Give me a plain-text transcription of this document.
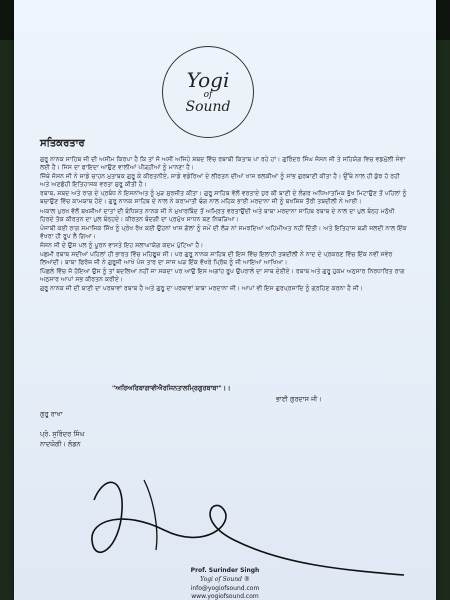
Yogi
of
Sound
ਸਤਿਕਰਤਾਰ

ਗੁਰੂ ਨਾਨਕ ਸਾਹਿਬ ਜੀ ਦੀ ਅਸੀਮ ਕਿਰਪਾ ਹੈ ਕਿ ਤਾਂ ਜੋ ਅਸੀਂ ਅਜਿਹੇ ਸ਼ਬਦ ਵਿੱਚ ਰਬਾਬੀ ਕਿਤਾਬ ਪਾ ਰਹੇ ਹਾਂ। ਗੁਰਿੰਦਰ ਸਿੰਘ ਜੋਸਨ ਜੀ ਤੇ ਸਹਿਯੋਗ ਵਿਚ ਵਡਮੁੱਲੀ ਸੇਵਾ ਲਈ ਹੈ। ਜਿਸ ਦਾ ਫਾਇਦਾ ਆਉਣ ਵਾਲੀਆਂ ਪੀੜ੍ਹੀਆਂ ਨੂੰ ਮਾਨਣਾ ਹੈ।

ਜਿੱਥੇ ਜੋਸਨ ਜੀ ਨੇ ਸਾਡੇ ਚਾਹਨ ਮੁਤਾਬਕ ਗੁਰੂ ਕੇ ਕੀਰਤਨੀਏ, ਸਾਡੇ ਵਡੇਰਿਆਂ ਦੇ ਲੀਰਤਨ ਦੀਆਂ ਖਾਸ ਝਲਕੀਆਂ ਨੂੰ ਸਾਂਭ ਗੁਰਬਾਣੀ ਕੀਤਾ ਹੈ। ਉੱਥੇ ਨਾਲ ਹੀ ਕੁੱਝ ਹੋ ਰਹੀ ਅਤੇ ਅਣਛੋਹੀ ਇਤਿਹਾਸਕ ਵਰਤਾ ਸ਼ੁਰੂ ਕੀਤੀ ਹੈ।

ਰਬਾਬ, ਸ਼ਬਦ ਅਤੇ ਰਾਗ ਦੇ ਪ੍ਰਬੰਧ ਨੇ ਇਸਨਾਂਅਤ ਨੂੰ ਮੁੜ ਸੁਰਜੀਤ ਕੀਤਾ। ਗੁਰੂ ਸਾਹਿਬ ਵੱਲੋਂ ਵਰਤਾਏ ਧੁਰ ਕੀ ਬਾਣੀ ਦੇ ਲੰਗਰ ਅਧਿਆਤਮਿਕ ਭੁੱਖ ਮਿਟਾਉਣ ਤੋਂ ਪਹਿਲਾਂ ਨੂੰ ਬਚਾਉਣ ਵਿੱਚ ਕਾਮਯਾਬ ਹੋਏ। ਗੁਰੂ ਨਾਨਕ ਸਾਹਿਬ ਦੇ ਨਾਲ ਨੇ ਕਰਾਮਾਤੀ ਢੰਗ ਨਾਲ ਮਹਿਕ ਭਾਈ ਮਰਦਾਨਾ ਜੀ ਨੂੰ ਬਖਸ਼ਿਸ਼ ਤੌਰੀ ਤਬਦੀਲੀ ਨੇ ਆਈ।

ਅਕਾਲ ਪੁਰਖ ਵੱਲੋਂ ਬਖਸ਼ੀਆਂ ਦਾਤਾਂ ਦੀ ਬੰਧਿਸ਼ਤ ਨਾਨਕ ਜੀ ਨੇ ਮੁਖਾਰਬਿੰਦ ਤੋਂ ਅਮ੍ਰਿਤ ਵਰਤਾਉਂਦੀ ਅਤੇ ਬਾਬਾ ਮਰਦਾਨਾ ਸਾਹਿਬ ਰਬਾਬ ਦੇ ਨਾਲ ਦਾ ਪੁਲ ਬੰਨ੍ਹ ਮਨੁੱਖੀ ਹਿਰਦੇ ਤੱਕ ਕੀਰਤਨ ਦਾ ਪੁਲ ਬੰਨ੍ਹਦੇ। ਕੀਰਤਨ ਬੰਦਗੀ ਦਾ ਪ੍ਰਮੁੱਖ ਸਾਧਨ ਬਣ ਨਿਬੜਿਆ।

ਪੰਜਾਬੀ ਕਈ ਰਾਗ ਸਮਾਜਿਕ ਸਿੱਖ ਨੂੰ ਪ੍ਰੇਖ ਰੱਖ ਕਈ ਉਹਨਾਂ ਖਾਸ ਗੱਲਾਂ ਨੂੰ ਸਮੇਂ ਦੀ ਲੋੜ ਨਾਂ ਸਮਝਦਿਆਂ ਅਹਿਮੀਅਤ ਨਹੀਂ ਦਿੱਤੀ। ਅਤੇ ਇਤਿਹਾਸ ਬੜੀ ਜਲਦੀ ਨਾਲ ਇੱਕ ਵੱਖਰਾ ਹੀ ਰੂਪ ਲੈ ਗਿਆ।

ਜੋਸਨ ਜੀ ਦੇ ਉਸ ਪਲ ਨੂੰ ਪੂਰਨ ਵਾਸਤੇ ਇਹ ਸ਼ਲਾਘਾਯੋਗ ਕਦਮ ਪੁੱਟਿਆ ਹੈ।

ਪਛਮੀ ਰਬਾਬ ਸਦੀਆਂ ਪਹਿਲਾਂ ਹੀ ਭਾਰਤ ਵਿੱਚ ਮਹਿਫੂਜ਼ ਸੀ। ਪਰ ਗੁਰੂ ਨਾਨਕ ਸਾਹਿਬ ਦੀ ਇਸ ਵਿੱਚ ਇਲਾਹੀ ਤਬਦੀਲੀ ਨੇ ਨਾਦ ਦੇ ਪ੍ਰਕਰਣ ਵਿੱਚ ਇੱਕ ਨਵੀਂ ਸਵੇਰ ਲਿਆਂਦੀ। ਬਾਬਾ ਫਿਰੋਜ਼ ਜੀ ਨੇ ਗੁਰੂਜੀ ਆਖੇ ਪੰਜ ਤਾਰ ਦਾ ਸਾਜ ਘੜ ਇੱਕ ਵੱਖਰੇ ਪ੍ਰਿੱਥ ਨੂੰ ਜੀ ਆਇਆਂ ਆਖਿਆ।

ਪਿੱਛਲੇ ਵਿੱਚ ਜੋ ਹੋਇਆ ਉਸ ਨੂੰ ਤਾਂ ਬਦਲਿਆ ਨਹੀਂ ਜਾ ਸਕਦਾ ਪਰ ਆਉ ਇਸ ਅਗਾਂਹ ਰੂਪ ਉਪਰਾਲੇ ਦਾ ਸਾਥ ਦੇਈਏ। ਰਬਾਬ ਅਤੇ ਗੁਰੂ ਹੁਕਮ ਅਨੁਸਾਰ ਨਿਰਧਾਰਿਤ ਰਾਗ ਅਨੁਸਾਰ ਆਪਾਂ ਸਭ ਕੀਰਤਨ ਕਰੀਏ।

ਗੁਰੂ ਨਾਨਕ ਜੀ ਦੀ ਬਾਣੀ ਦਾ ਪਰਥਾਵਾਂ ਰਬਾਬ ਹੈ ਅਤੇ ਗੁਰੂ ਦਾ ਪਰਥਾਵਾਂ ਬਾਬਾ ਮਰਦਾਨਾ ਜੀ। ਆਪਾਂ ਵੀ ਇਸ ਗੁਰਪ੍ਰਸਾਦਿ ਨੂੰ ਗ੍ਰਹਿਣ ਕਰਨਾ ਹੈ ਜੀ।

"ਅਰਿਅਰਿਬਾਗਾਵੀਐਰਜਿਨਤਾਲਮ੍ਰਿਗੁਰਬਾਬਾ"।।
ਭਾਈ ਗੁਰਦਾਸ ਜੀ।
ਗੁਰੂ ਰਾਖਾ
ਪ੍ਰੋ. ਸੁਰਿੰਦਰ ਸਿੰਘ
ਨਾਦਯੋਗੀ। ਲੰਡਨ
Prof. Surinder Singh
Yogi of Sound ®
info@yogiofsound.com
www.yogiofsound.com
